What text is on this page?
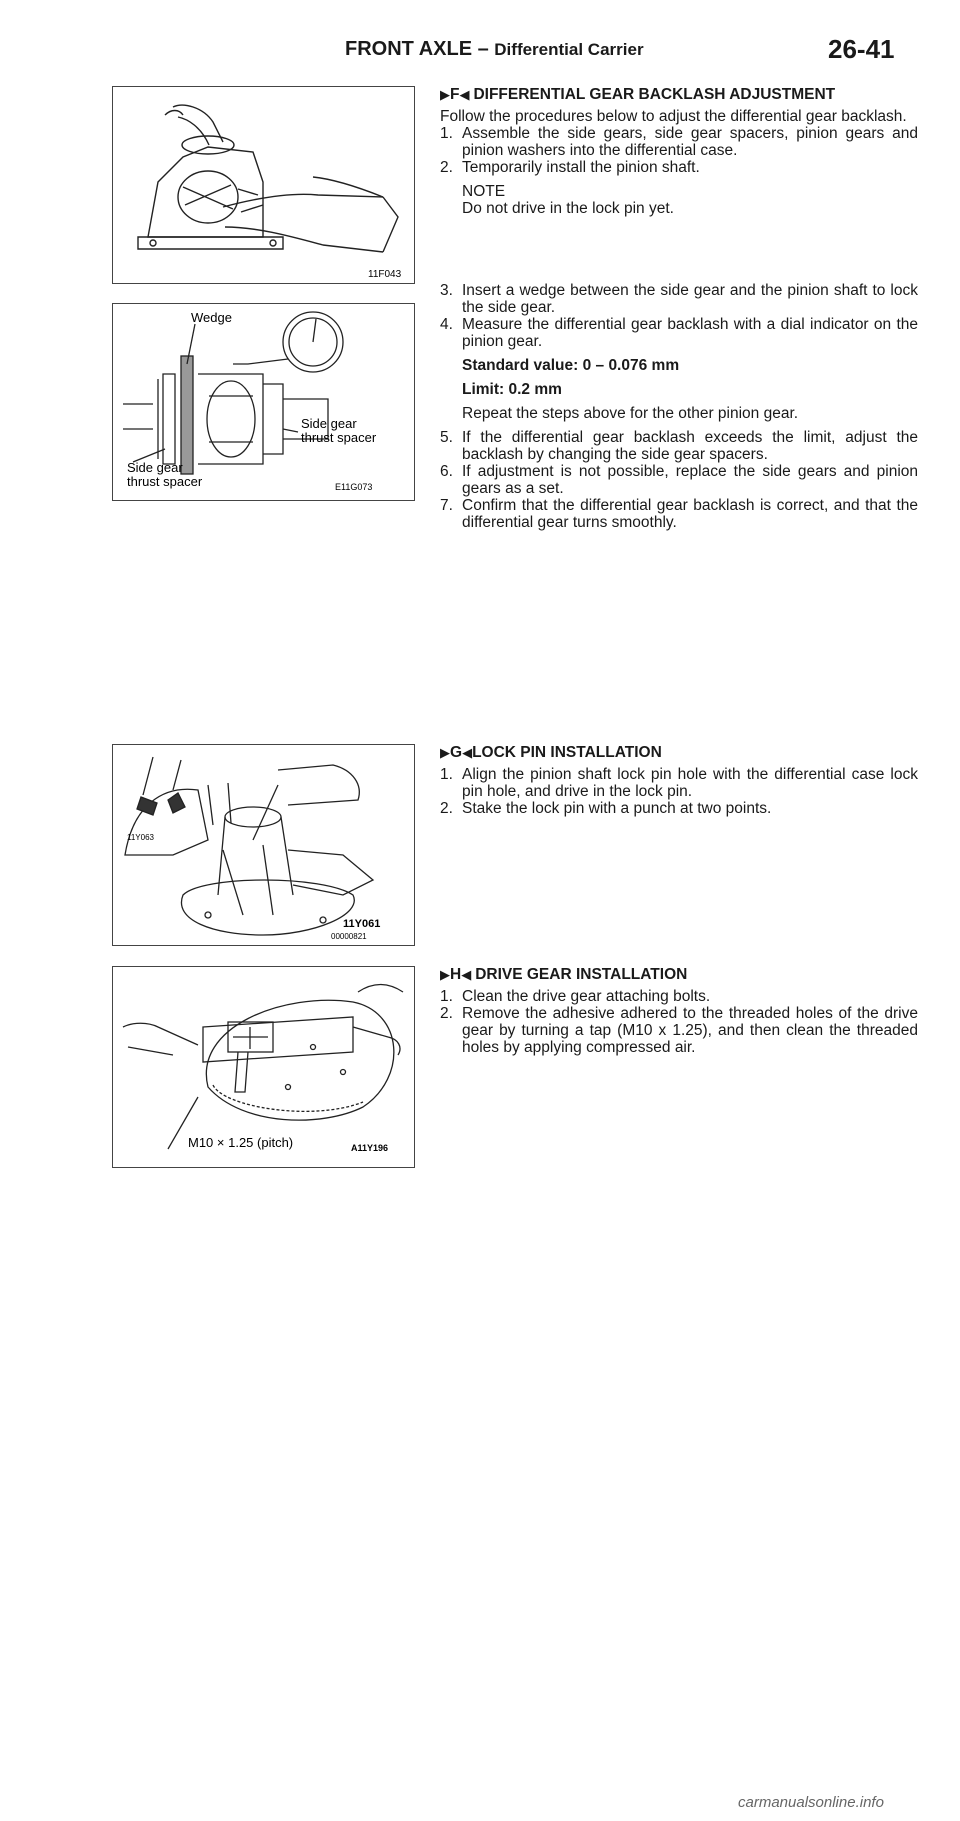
FRONT AXLE – Differential Carrier	26-41
11F043
Wedge
Side gear
thrust spacer
Side gear
thrust spacer	E11G073
11Y063
11Y061
00000821
M10 × 1.25 (pitch)	A11Y196
▶ F ◀ DIFFERENTIAL GEAR BACKLASH ADJUSTMENT

Follow the procedures below to adjust the differential gear backlash.

1. Assemble the side gears, side gear spacers, pinion gears and pinion washers into the differential case.
2. Temporarily install the pinion shaft.
NOTE
Do not drive in the lock pin yet.
3. Insert a wedge between the side gear and the pinion shaft to lock the side gear.
4. Measure the differential gear backlash with a dial indicator on the pinion gear.
Standard value: 0 – 0.076 mm
Limit: 0.2 mm
Repeat the steps above for the other pinion gear.
5. If the differential gear backlash exceeds the limit, adjust the backlash by changing the side gear spacers.
6. If adjustment is not possible, replace the side gears and pinion gears as a set.
7. Confirm that the differential gear backlash is correct, and that the differential gear turns smoothly.
▶ G ◀ LOCK PIN INSTALLATION
1. Align the pinion shaft lock pin hole with the differential case lock pin hole, and drive in the lock pin.
2. Stake the lock pin with a punch at two points.
▶ H ◀ DRIVE GEAR INSTALLATION
1. Clean the drive gear attaching bolts.
2. Remove the adhesive adhered to the threaded holes of the drive gear by turning a tap (M10 x 1.25), and then clean the threaded holes by applying compressed air.
carmanualsonline.info
